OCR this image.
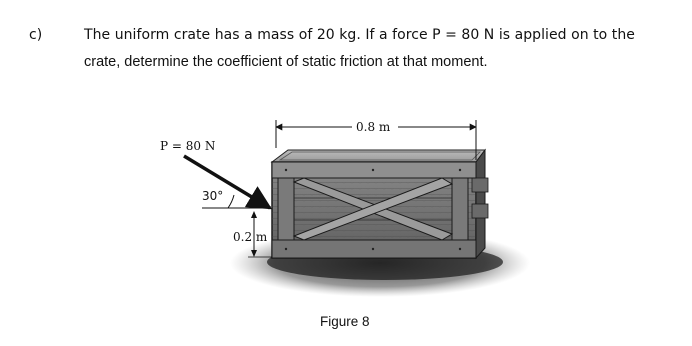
c)	The uniform crate has a mass of 20 kg. If a force P = 80 N is applied on to the
crate, determine the coefficient of static friction at that moment.
P = 80 N
30°
0.2 m
0.8 m
Figure 8
